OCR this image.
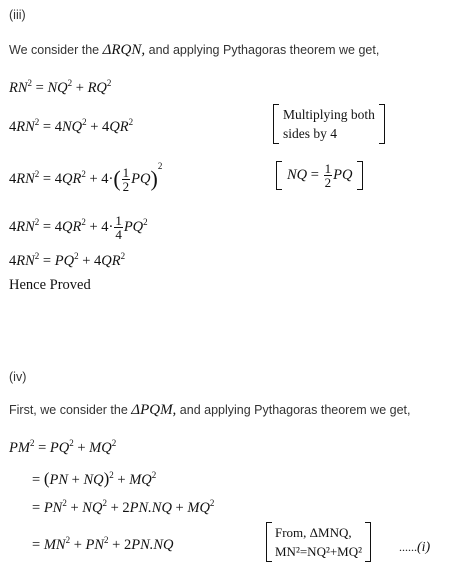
(iii)
We consider the ΔRQN, and applying Pythagoras theorem we get,
$RN^2 = NQ^2 + RQ^2$
$4RN^2 = 4NQ^2 + 4QR^2$	Multiplying both
sides by 4
$4RN^2 = 4QR^2 + 4\cdot( \frac{1}{2} PQ)^2$
NQ = $\frac{1}{2}$ PQ
$4RN^2 = 4QR^2 + 4\cdot \frac{1}{4} PQ^2$
$4RN^2 = PQ^2 + 4QR^2$
Hence Proved
(iv)
First, we consider the ΔPQM, and applying Pythagoras theorem we get,
$PM^2 = PQ^2 + MQ^2$
= $(PN + NQ)^2 + MQ^2$
= $PN^2 + NQ^2 + 2PN.NQ + MQ^2$
= $MN^2 + PN^2 + 2PN.NQ$
From, ΔMNQ,
MN²=NQ²+MQ²	......(i)
